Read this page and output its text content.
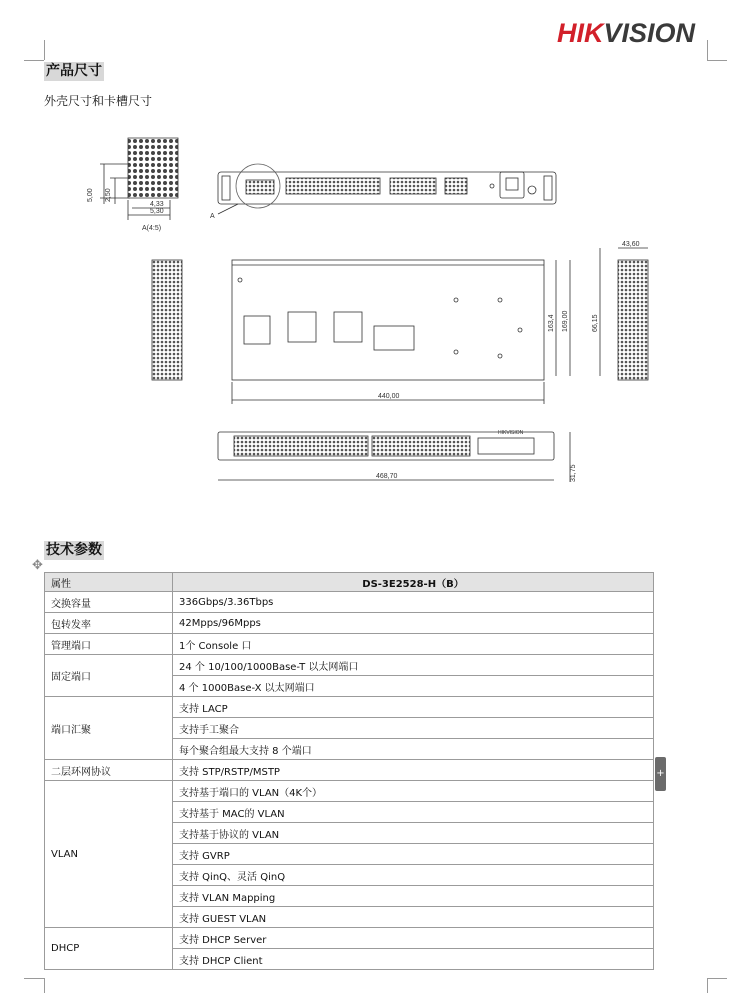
HIKVISION
产品尺寸
外壳尺寸和卡槽尺寸
5,00 2,50
4,33
5,30
A(4:5)
A
440,00
163,4 169,00	66,15
43,60
HIKVISION
468,70	31,75
技术参数
✥
属性	DS-3E2528-H（B）
交换容量	336Gbps/3.36Tbps
包转发率	42Mpps/96Mpps
管理端口	1个 Console 口
固定端口	24 个 10/100/1000Base-T 以太网端口
	4 个 1000Base-X 以太网端口
端口汇聚	支持 LACP
	支持手工聚合
	每个聚合组最大支持 8 个端口
二层环网协议	支持 STP/RSTP/MSTP
VLAN	支持基于端口的 VLAN（4K个）
	支持基于 MAC的 VLAN
	支持基于协议的 VLAN
	支持 GVRP
	支持 QinQ、灵活 QinQ
	支持 VLAN Mapping
	支持 GUEST VLAN
DHCP	支持 DHCP Server
	支持 DHCP Client
+
